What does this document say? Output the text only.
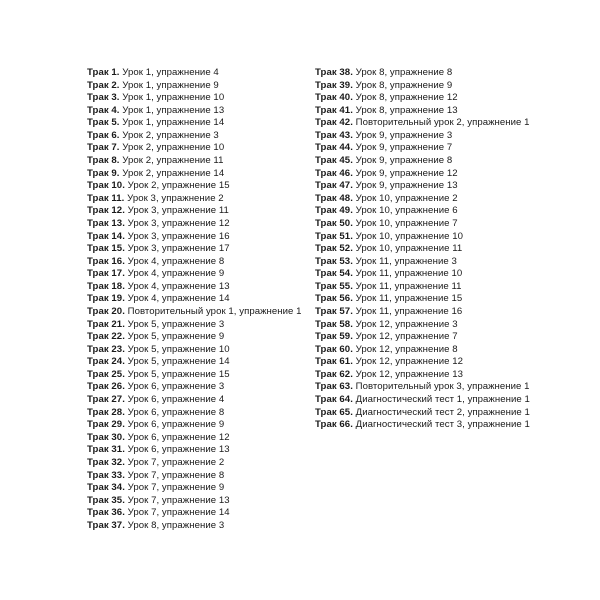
Трак 1. Урок 1, упражнение 4
Трак 2. Урок 1, упражнение 9
Трак 3. Урок 1, упражнение 10
Трак 4. Урок 1, упражнение 13
Трак 5. Урок 1, упражнение 14
Трак 6. Урок 2, упражнение 3
Трак 7. Урок 2, упражнение 10
Трак 8. Урок 2, упражнение 11
Трак 9. Урок 2, упражнение 14
Трак 10. Урок 2, упражнение 15
Трак 11. Урок 3, упражнение 2
Трак 12. Урок 3, упражнение 11
Трак 13. Урок 3, упражнение 12
Трак 14. Урок 3, упражнение 16
Трак 15. Урок 3, упражнение 17
Трак 16. Урок 4, упражнение 8
Трак 17. Урок 4, упражнение 9
Трак 18. Урок 4, упражнение 13
Трак 19. Урок 4, упражнение 14
Трак 20. Повторительный урок 1, упражнение 1
Трак 21. Урок 5, упражнение 3
Трак 22. Урок 5, упражнение 9
Трак 23. Урок 5, упражнение 10
Трак 24. Урок 5, упражнение 14
Трак 25. Урок 5, упражнение 15
Трак 26. Урок 6, упражнение 3
Трак 27. Урок 6, упражнение 4
Трак 28. Урок 6, упражнение 8
Трак 29. Урок 6, упражнение 9
Трак 30. Урок 6, упражнение 12
Трак 31. Урок 6, упражнение 13
Трак 32. Урок 7, упражнение 2
Трак 33. Урок 7, упражнение 8
Трак 34. Урок 7, упражнение 9
Трак 35. Урок 7, упражнение 13
Трак 36. Урок 7, упражнение 14
Трак 37. Урок 8, упражнение 3
Трак 38. Урок 8, упражнение 8
Трак 39. Урок 8, упражнение 9
Трак 40. Урок 8, упражнение 12
Трак 41. Урок 8, упражнение 13
Трак 42. Повторительный урок 2, упражнение 1
Трак 43. Урок 9, упражнение 3
Трак 44. Урок 9, упражнение 7
Трак 45. Урок 9, упражнение 8
Трак 46. Урок 9, упражнение 12
Трак 47. Урок 9, упражнение 13
Трак 48. Урок 10, упражнение 2
Трак 49. Урок 10, упражнение 6
Трак 50. Урок 10, упражнение 7
Трак 51. Урок 10, упражнение 10
Трак 52. Урок 10, упражнение 11
Трак 53. Урок 11, упражнение 3
Трак 54. Урок 11, упражнение 10
Трак 55. Урок 11, упражнение 11
Трак 56. Урок 11, упражнение 15
Трак 57. Урок 11, упражнение 16
Трак 58. Урок 12, упражнение 3
Трак 59. Урок 12, упражнение 7
Трак 60. Урок 12, упражнение 8
Трак 61. Урок 12, упражнение 12
Трак 62. Урок 12, упражнение 13
Трак 63. Повторительный урок 3, упражнение 1
Трак 64. Диагностический тест 1, упражнение 1
Трак 65. Диагностический тест 2, упражнение 1
Трак 66. Диагностический тест 3, упражнение 1
